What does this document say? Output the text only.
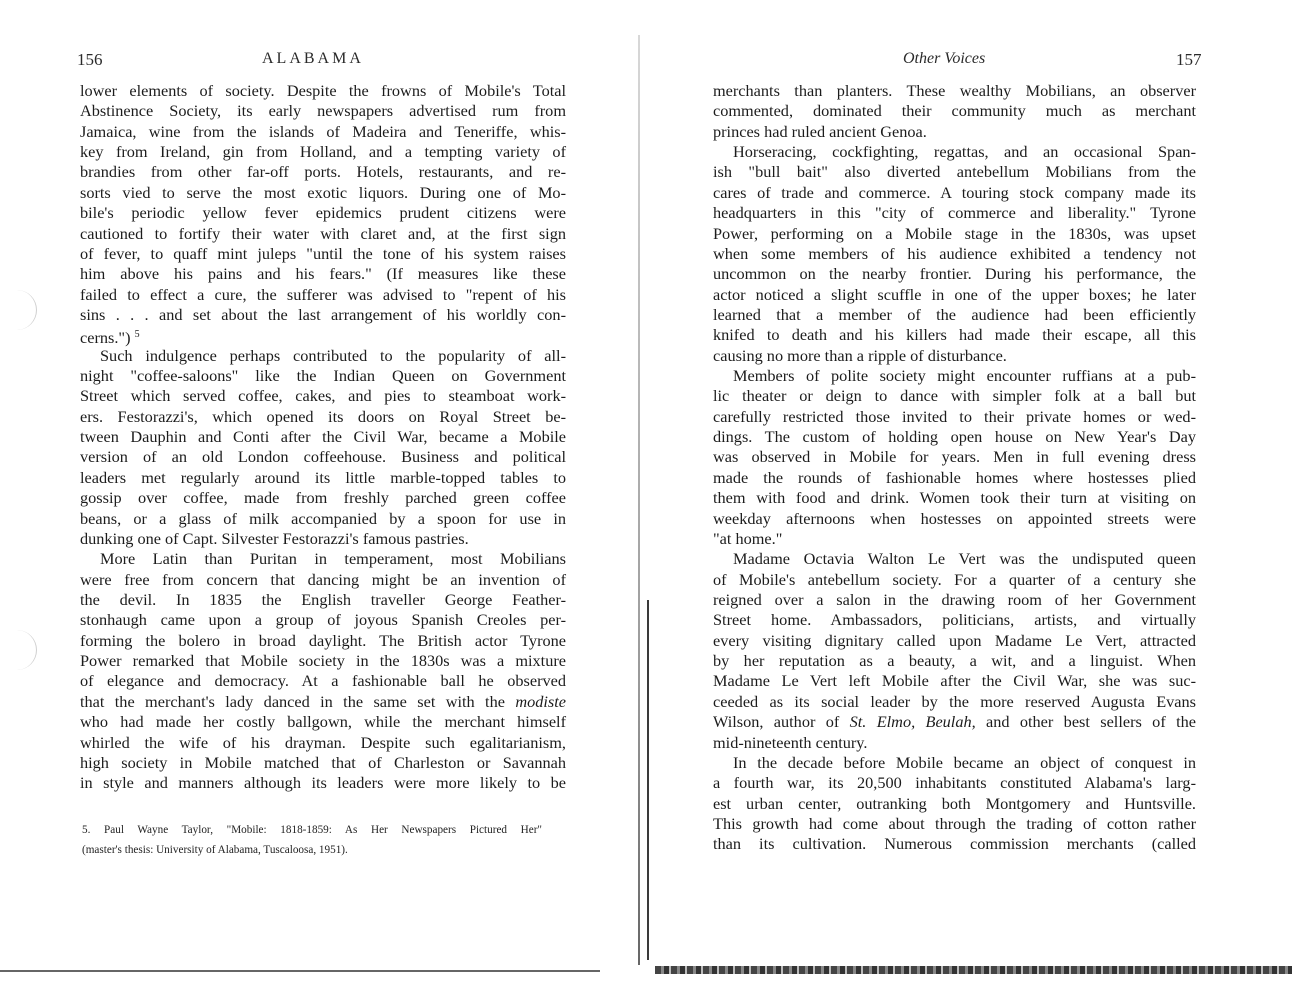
156	ALABAMA
lower elements of society. Despite the frowns of Mobile's Total
Abstinence Society, its early newspapers advertised rum from
Jamaica, wine from the islands of Madeira and Teneriffe, whis-
key from Ireland, gin from Holland, and a tempting variety of
brandies from other far-off ports. Hotels, restaurants, and re-
sorts vied to serve the most exotic liquors. During one of Mo-
bile's periodic yellow fever epidemics prudent citizens were
cautioned to fortify their water with claret and, at the first sign
of fever, to quaff mint juleps "until the tone of his system raises
him above his pains and his fears." (If measures like these
failed to effect a cure, the sufferer was advised to "repent of his
sins . . . and set about the last arrangement of his worldly con-
cerns.") $^5$
Such indulgence perhaps contributed to the popularity of all-
night "coffee-saloons" like the Indian Queen on Government
Street which served coffee, cakes, and pies to steamboat work-
ers. Festorazzi's, which opened its doors on Royal Street be-
tween Dauphin and Conti after the Civil War, became a Mobile
version of an old London coffeehouse. Business and political
leaders met regularly around its little marble-topped tables to
gossip over coffee, made from freshly parched green coffee
beans, or a glass of milk accompanied by a spoon for use in
dunking one of Capt. Silvester Festorazzi's famous pastries.
More Latin than Puritan in temperament, most Mobilians
were free from concern that dancing might be an invention of
the devil. In 1835 the English traveller George Feather-
stonhaugh came upon a group of joyous Spanish Creoles per-
forming the bolero in broad daylight. The British actor Tyrone
Power remarked that Mobile society in the 1830s was a mixture
of elegance and democracy. At a fashionable ball he observed
that the merchant's lady danced in the same set with the modiste
who had made her costly ballgown, while the merchant himself
whirled the wife of his drayman. Despite such egalitarianism,
high society in Mobile matched that of Charleston or Savannah
in style and manners although its leaders were more likely to be
5. Paul Wayne Taylor, "Mobile: 1818-1859: As Her Newspapers Pictured Her"
(master's thesis: University of Alabama, Tuscaloosa, 1951).
Other Voices	157
merchants than planters. These wealthy Mobilians, an observer
commented, dominated their community much as merchant
princes had ruled ancient Genoa.
Horseracing, cockfighting, regattas, and an occasional Span-
ish "bull bait" also diverted antebellum Mobilians from the
cares of trade and commerce. A touring stock company made its
headquarters in this "city of commerce and liberality." Tyrone
Power, performing on a Mobile stage in the 1830s, was upset
when some members of his audience exhibited a tendency not
uncommon on the nearby frontier. During his performance, the
actor noticed a slight scuffle in one of the upper boxes; he later
learned that a member of the audience had been efficiently
knifed to death and his killers had made their escape, all this
causing no more than a ripple of disturbance.
Members of polite society might encounter ruffians at a pub-
lic theater or deign to dance with simpler folk at a ball but
carefully restricted those invited to their private homes or wed-
dings. The custom of holding open house on New Year's Day
was observed in Mobile for years. Men in full evening dress
made the rounds of fashionable homes where hostesses plied
them with food and drink. Women took their turn at visiting on
weekday afternoons when hostesses on appointed streets were
"at home."
Madame Octavia Walton Le Vert was the undisputed queen
of Mobile's antebellum society. For a quarter of a century she
reigned over a salon in the drawing room of her Government
Street home. Ambassadors, politicians, artists, and virtually
every visiting dignitary called upon Madame Le Vert, attracted
by her reputation as a beauty, a wit, and a linguist. When
Madame Le Vert left Mobile after the Civil War, she was suc-
ceeded as its social leader by the more reserved Augusta Evans
Wilson, author of St. Elmo, Beulah, and other best sellers of the
mid-nineteenth century.
In the decade before Mobile became an object of conquest in
a fourth war, its 20,500 inhabitants constituted Alabama's larg-
est urban center, outranking both Montgomery and Huntsville.
This growth had come about through the trading of cotton rather
than its cultivation. Numerous commission merchants (called
